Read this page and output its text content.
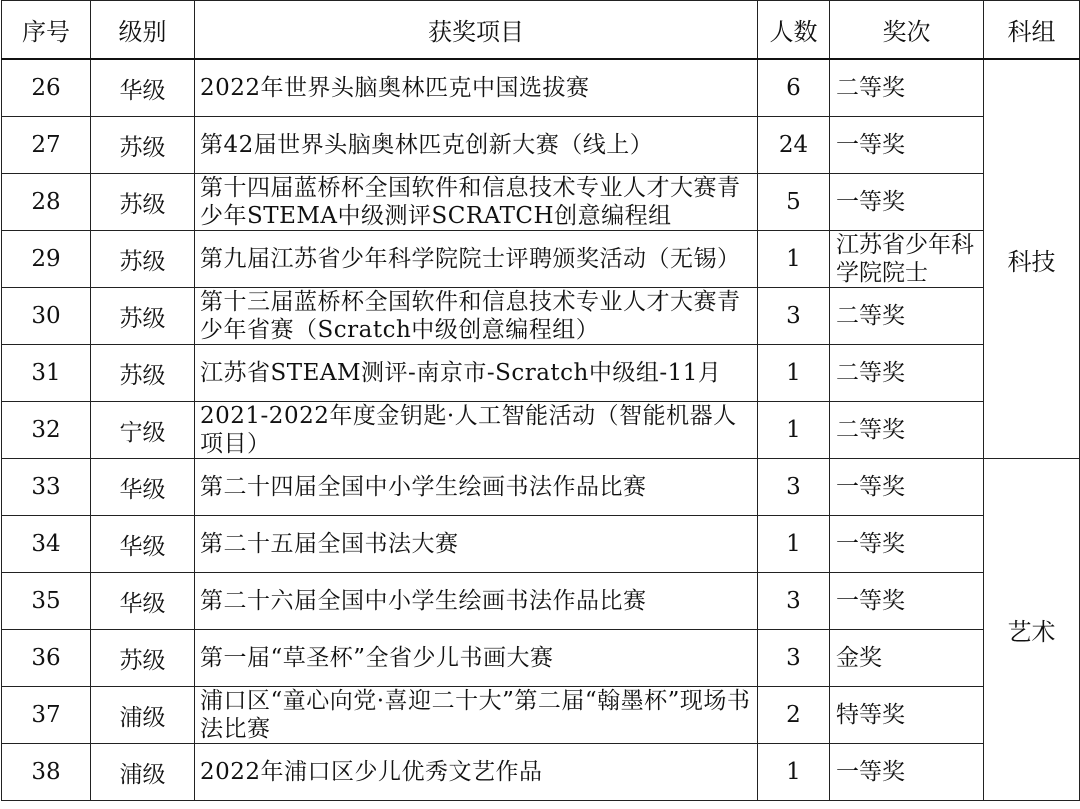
序号	级别	获奖项目	人数	奖次	科组
26	华级	2022年世界头脑奥林匹克中国选拔赛	6	二等奖	科技
27	苏级	第42届世界头脑奥林匹克创新大赛（线上）	24	一等奖	
28	苏级	第十四届蓝桥杯全国软件和信息技术专业人才大赛青少年STEMA中级测评SCRATCH创意编程组	5	一等奖	
29	苏级	第九届江苏省少年科学院院士评聘颁奖活动（无锡）	1	江苏省少年科学院院士	
30	苏级	第十三届蓝桥杯全国软件和信息技术专业人才大赛青少年省赛（Scratch中级创意编程组）	3	二等奖	
31	苏级	江苏省STEAM测评-南京市-Scratch中级组-11月	1	二等奖	
32	宁级	2021-2022年度金钥匙·人工智能活动（智能机器人项目）	1	二等奖	
33	华级	第二十四届全国中小学生绘画书法作品比赛	3	一等奖	艺术
34	华级	第二十五届全国书法大赛	1	一等奖	
35	华级	第二十六届全国中小学生绘画书法作品比赛	3	一等奖	
36	苏级	第一届“草圣杯”全省少儿书画大赛	3	金奖	
37	浦级	浦口区“童心向党·喜迎二十大”第二届“翰墨杯”现场书法比赛	2	特等奖	
38	浦级	2022年浦口区少儿优秀文艺作品	1	一等奖	
